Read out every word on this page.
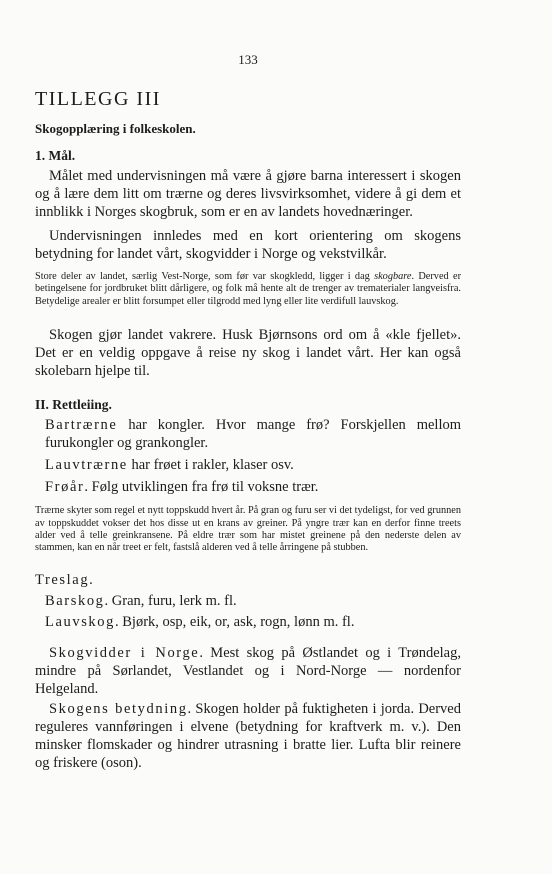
133
TILLEGG III
Skogopplæring i folkeskolen.
1. Mål.

Målet med undervisningen må være å gjøre barna interessert i skogen og å lære dem litt om trærne og deres livsvirksomhet, videre å gi dem et innblikk i Norges skogbruk, som er en av landets hovednæringer.

Undervisningen innledes med en kort orientering om skogens betydning for landet vårt, skogvidder i Norge og vekstvilkår.

Store deler av landet, særlig Vest-Norge, som før var skogkledd, ligger i dag skogbare. Derved er betingelsene for jordbruket blitt dårligere, og folk må hente alt de trenger av trematerialer langveisfra. Betydelige arealer er blitt forsumpet eller tilgrodd med lyng eller lite verdifull lauvskog.

Skogen gjør landet vakrere. Husk Bjørnsons ord om å «kle fjellet». Det er en veldig oppgave å reise ny skog i landet vårt. Her kan også skolebarn hjelpe til.

II. Rettleiing.

Bartrærne har kongler. Hvor mange frø? Forskjellen mellom furukongler og grankongler.

Lauvtrærne har frøet i rakler, klaser osv.

Frøår. Følg utviklingen fra frø til voksne trær.

Trærne skyter som regel et nytt toppskudd hvert år. På gran og furu ser vi det tydeligst, for ved grunnen av toppskuddet vokser det hos disse ut en krans av greiner. På yngre trær kan en derfor finne treets alder ved å telle greinkransene. På eldre trær som har mistet greinene på den nederste delen av stammen, kan en når treet er felt, fastslå alderen ved å telle årringene på stubben.

Treslag.

Barskog. Gran, furu, lerk m. fl.

Lauvskog. Bjørk, osp, eik, or, ask, rogn, lønn m. fl.

Skogvidder i Norge. Mest skog på Østlandet og i Trøndelag, mindre på Sørlandet, Vestlandet og i Nord-Norge — nordenfor Helgeland.

Skogens betydning. Skogen holder på fuktigheten i jorda. Derved reguleres vannføringen i elvene (betydning for kraftverk m. v.). Den minsker flomskader og hindrer utrasning i bratte lier. Lufta blir reinere og friskere (oson).
